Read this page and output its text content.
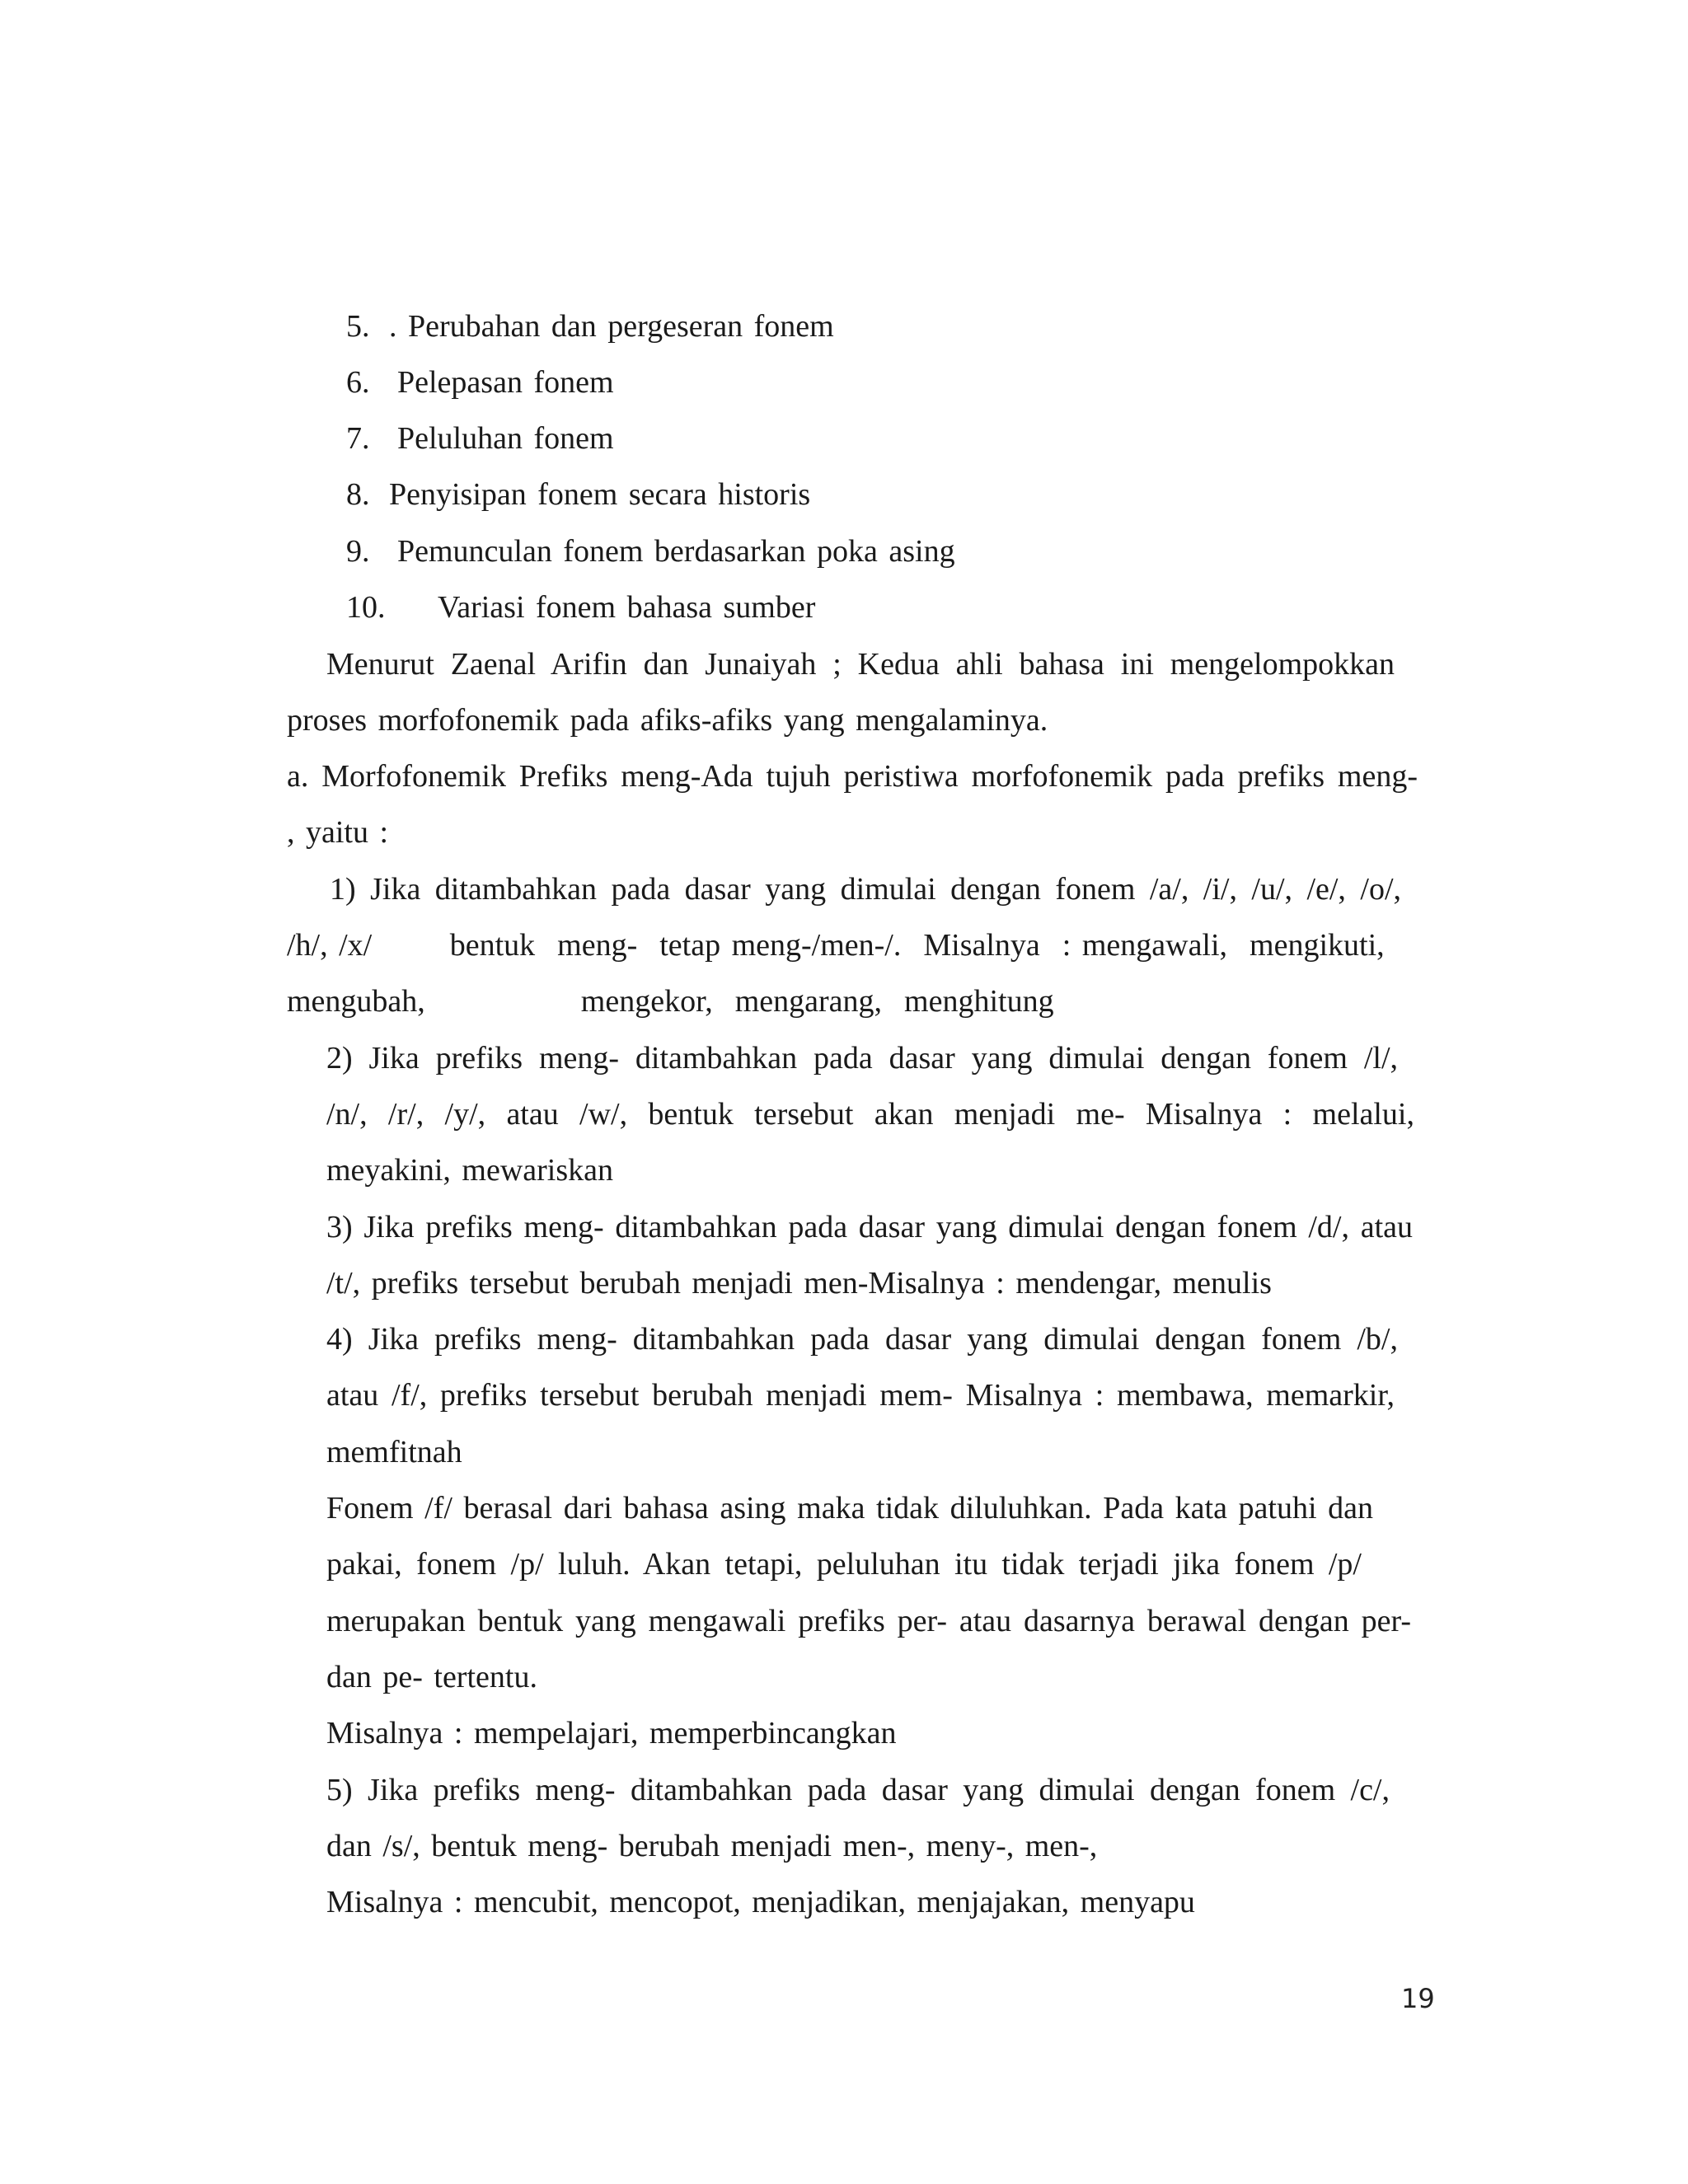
5. . Perubahan dan pergeseran fonem
6. Pelepasan fonem
7. Peluluhan fonem
8. Penyisipan fonem secara historis
9. Pemunculan fonem berdasarkan poka asing
10. Variasi fonem bahasa sumber
Menurut Zaenal Arifin dan Junaiyah ; Kedua ahli bahasa ini mengelompokkan
proses morfofonemik pada afiks-afiks yang mengalaminya.
a. Morfofonemik Prefiks meng-Ada tujuh peristiwa morfofonemik pada prefiks meng-
, yaitu :
1) Jika ditambahkan pada dasar yang dimulai dengan fonem /a/, /i/, /u/, /e/, /o/,
/h/, /x/       bentuk  meng-  tetap meng-/men-/.  Misalnya  : mengawali,  mengikuti,
mengubah,              mengekor,  mengarang,  menghitung
2) Jika prefiks meng- ditambahkan pada dasar yang dimulai dengan fonem /l/,
/n/, /r/, /y/, atau /w/, bentuk tersebut akan menjadi me- Misalnya : melalui,
meyakini, mewariskan
3) Jika prefiks meng- ditambahkan pada dasar yang dimulai dengan fonem /d/, atau
/t/, prefiks tersebut berubah menjadi men-Misalnya : mendengar, menulis
4) Jika prefiks meng- ditambahkan pada dasar yang dimulai dengan fonem /b/,
atau /f/, prefiks tersebut berubah menjadi mem- Misalnya : membawa, memarkir,
memfitnah
Fonem /f/ berasal dari bahasa asing maka tidak diluluhkan. Pada kata patuhi dan
pakai, fonem /p/ luluh. Akan tetapi, peluluhan itu tidak terjadi jika fonem /p/
merupakan bentuk yang mengawali prefiks per- atau dasarnya berawal dengan per-
dan pe- tertentu.
Misalnya : mempelajari, memperbincangkan
5) Jika prefiks meng- ditambahkan pada dasar yang dimulai dengan fonem /c/,
dan /s/, bentuk meng- berubah menjadi men-, meny-, men-,
Misalnya : mencubit, mencopot, menjadikan, menjajakan, menyapu
19
